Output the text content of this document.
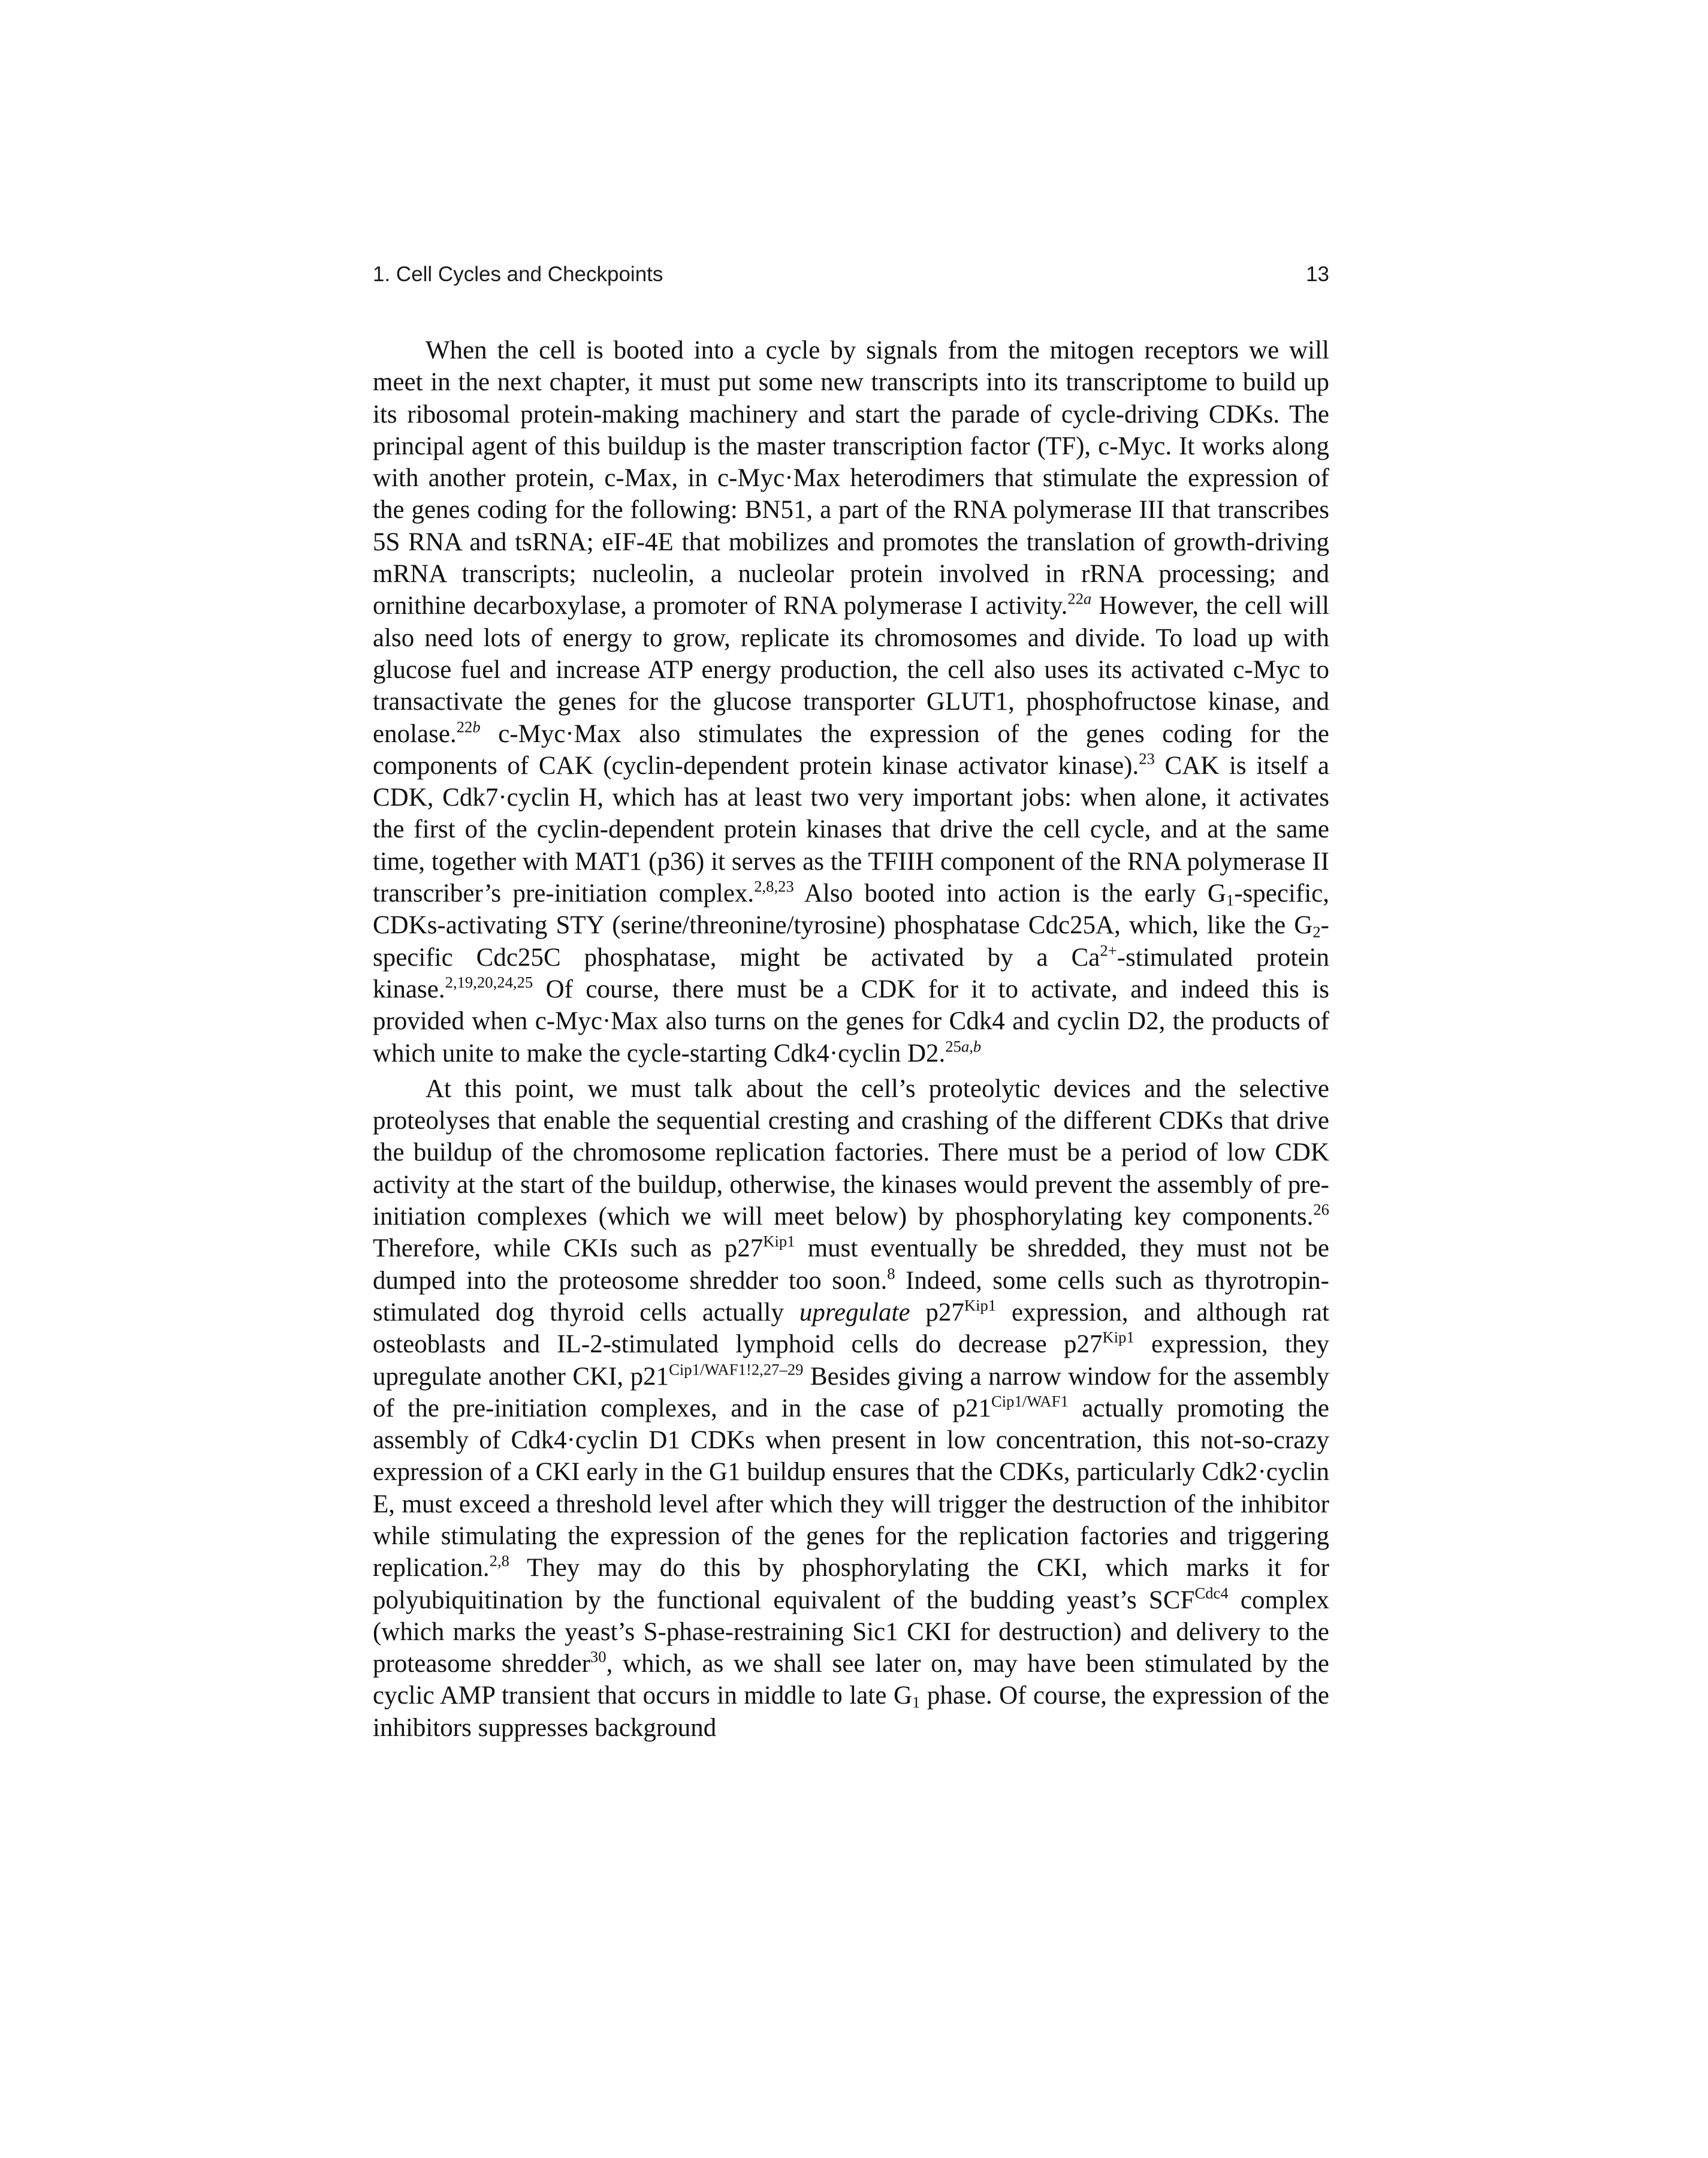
1. Cell Cycles and Checkpoints	13

When the cell is booted into a cycle by signals from the mitogen receptors we will meet in the next chapter, it must put some new transcripts into its transcriptome to build up its ribosomal protein-making machinery and start the parade of cycle-driving CDKs. The principal agent of this buildup is the master transcription factor (TF), c-Myc. It works along with another protein, c-Max, in c-Myc·Max heterodimers that stimulate the expression of the genes coding for the following: BN51, a part of the RNA polymerase III that transcribes 5S RNA and tsRNA; eIF-4E that mobilizes and promotes the translation of growth-driving mRNA transcripts; nucleolin, a nucleolar protein involved in rRNA processing; and ornithine decarboxylase, a promoter of RNA polymerase I activity.$^{22a}$ However, the cell will also need lots of energy to grow, replicate its chromosomes and divide. To load up with glucose fuel and increase ATP energy production, the cell also uses its activated c-Myc to transactivate the genes for the glucose transporter GLUT1, phosphofructose kinase, and enolase.$^{22b}$ c-Myc·Max also stimulates the expression of the genes coding for the components of CAK (cyclin-dependent protein kinase activator kinase).$^{23}$ CAK is itself a CDK, Cdk7·cyclin H, which has at least two very important jobs: when alone, it activates the first of the cyclin-dependent protein kinases that drive the cell cycle, and at the same time, together with MAT1 (p36) it serves as the TFIIH component of the RNA polymerase II transcriber’s pre-initiation complex.$^{2,8,23}$ Also booted into action is the early $G_1$-specific, CDKs-activating STY (serine/threonine/tyrosine) phosphatase Cdc25A, which, like the $G_2$-specific Cdc25C phosphatase, might be activated by a $Ca^{2+}$-stimulated protein kinase.$^{2,19,20,24,25}$ Of course, there must be a CDK for it to activate, and indeed this is provided when c-Myc·Max also turns on the genes for Cdk4 and cyclin D2, the products of which unite to make the cycle-starting Cdk4·cyclin D2.$^{25a,b}$

At this point, we must talk about the cell’s proteolytic devices and the selective proteolyses that enable the sequential cresting and crashing of the different CDKs that drive the buildup of the chromosome replication factories. There must be a period of low CDK activity at the start of the buildup, otherwise, the kinases would prevent the assembly of pre-initiation complexes (which we will meet below) by phosphorylating key components.$^{26}$ Therefore, while CKIs such as $p27^{Kip1}$ must eventually be shredded, they must not be dumped into the proteosome shredder too soon.$^8$ Indeed, some cells such as thyrotropin-stimulated dog thyroid cells actually upregulate $p27^{Kip1}$ expression, and although rat osteoblasts and IL-2-stimulated lymphoid cells do decrease $p27^{Kip1}$ expression, they upregulate another CKI, $p21^{Cip1/WAF1!2,27-29}$ Besides giving a narrow window for the assembly of the pre-initiation complexes, and in the case of $p21^{Cip1/WAF1}$ actually promoting the assembly of Cdk4·cyclin D1 CDKs when present in low concentration, this not-so-crazy expression of a CKI early in the G1 buildup ensures that the CDKs, particularly Cdk2·cyclin E, must exceed a threshold level after which they will trigger the destruction of the inhibitor while stimulating the expression of the genes for the replication factories and triggering replication.$^{2,8}$ They may do this by phosphorylating the CKI, which marks it for polyubiquitination by the functional equivalent of the budding yeast’s $SCF^{Cdc4}$ complex (which marks the yeast’s S-phase-restraining Sic1 CKI for destruction) and delivery to the proteasome shredder$^{30}$, which, as we shall see later on, may have been stimulated by the cyclic AMP transient that occurs in middle to late $G_1$ phase. Of course, the expression of the inhibitors suppresses background
